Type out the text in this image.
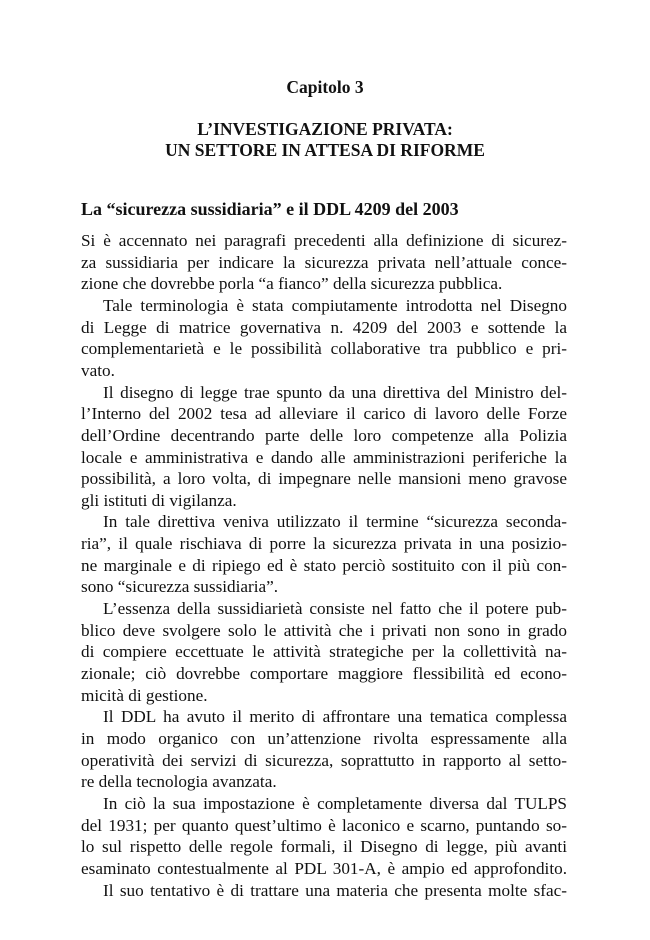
Capitolo 3
L’INVESTIGAZIONE PRIVATA:
UN SETTORE IN ATTESA DI RIFORME
La “sicurezza sussidiaria” e il DDL 4209 del 2003
Si è accennato nei paragrafi precedenti alla definizione di sicurez-
za sussidiaria per indicare la sicurezza privata nell’attuale conce-
zione che dovrebbe porla “a fianco” della sicurezza pubblica.
Tale terminologia è stata compiutamente introdotta nel Disegno
di Legge di matrice governativa n. 4209 del 2003 e sottende la
complementarietà e le possibilità collaborative tra pubblico e pri-
vato.
Il disegno di legge trae spunto da una direttiva del Ministro del-
l’Interno del 2002 tesa ad alleviare il carico di lavoro delle Forze
dell’Ordine decentrando parte delle loro competenze alla Polizia
locale e amministrativa e dando alle amministrazioni periferiche la
possibilità, a loro volta, di impegnare nelle mansioni meno gravose
gli istituti di vigilanza.
In tale direttiva veniva utilizzato il termine “sicurezza seconda-
ria”, il quale rischiava di porre la sicurezza privata in una posizio-
ne marginale e di ripiego ed è stato perciò sostituito con il più con-
sono “sicurezza sussidiaria”.
L’essenza della sussidiarietà consiste nel fatto che il potere pub-
blico deve svolgere solo le attività che i privati non sono in grado
di compiere eccettuate le attività strategiche per la collettività na-
zionale; ciò dovrebbe comportare maggiore flessibilità ed econo-
micità di gestione.
Il DDL ha avuto il merito di affrontare una tematica complessa
in modo organico con un’attenzione rivolta espressamente alla
operatività dei servizi di sicurezza, soprattutto in rapporto al setto-
re della tecnologia avanzata.
In ciò la sua impostazione è completamente diversa dal TULPS
del 1931; per quanto quest’ultimo è laconico e scarno, puntando so-
lo sul rispetto delle regole formali, il Disegno di legge, più avanti
esaminato contestualmente al PDL 301-A, è ampio ed approfondito.
Il suo tentativo è di trattare una materia che presenta molte sfac-
